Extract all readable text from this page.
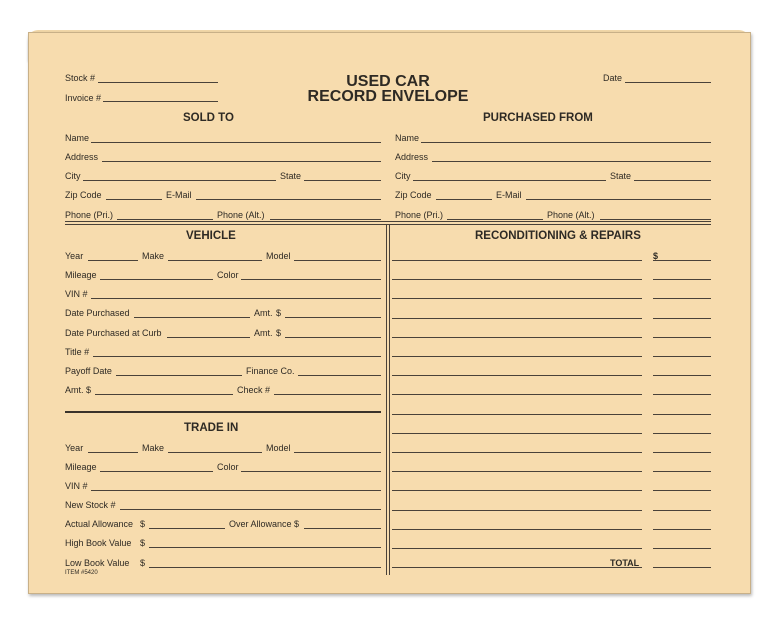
Stock #
Invoice #
USED CAR
RECORD ENVELOPE
Date
SOLD TO
Name
Address
City	State
Zip Code	E-Mail
Phone (Pri.)	Phone (Alt.)
PURCHASED FROM
Name
Address
City	State
Zip Code	E-Mail
Phone (Pri.)	Phone (Alt.)
VEHICLE
Year	Make	Model
Mileage	Color
VIN #
Date Purchased	Amt. $
Date Purchased at Curb	Amt. $
Title #
Payoff Date	Finance Co.
Amt. $	Check #
TRADE IN
Year	Make	Model
Mileage	Color
VIN #
New Stock #
Actual Allowance $	Over Allowance $
High Book Value $
Low Book Value $
ITEM #5420
RECONDITIONING & REPAIRS
$
TOTAL
